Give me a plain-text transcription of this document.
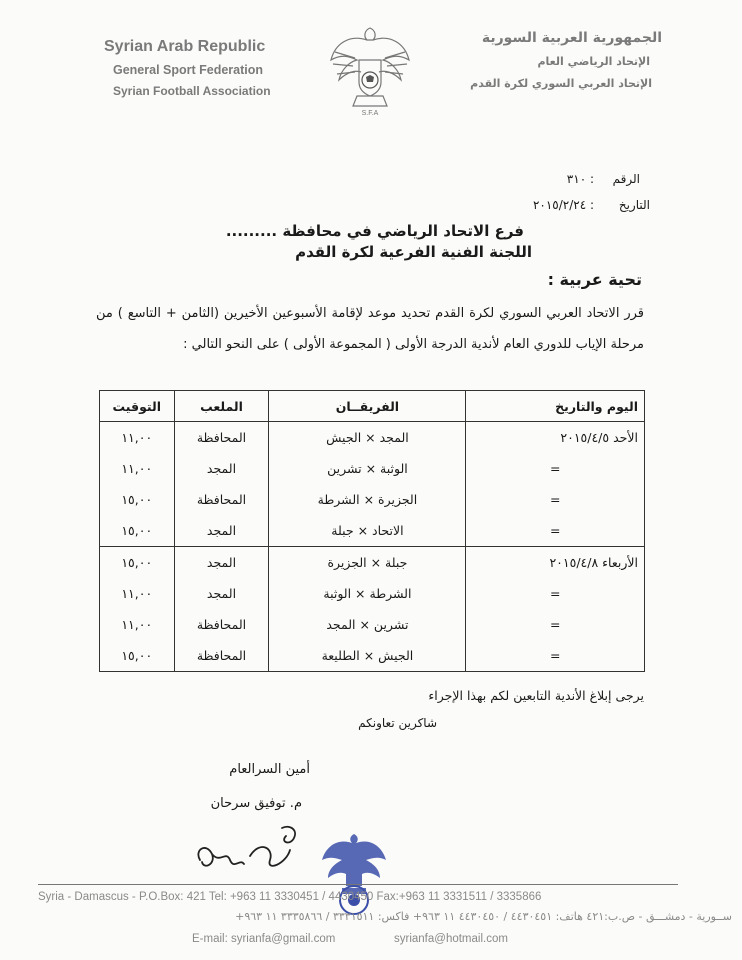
Syrian Arab Republic
General Sport Federation
Syrian Football Association
S.F.A
الجمهورية العربية السورية
الإتحاد الرياضي العام
الإتحاد العربي السوري لكرة القدم
الرقم
: ٣١٠
التاريخ
: ٢٠١٥/٢/٢٤
فرع الاتحاد الرياضي في محافظة .........
اللجنة الفنية الفرعية لكرة القدم
تحية عربية :
قرر الاتحاد العربي السوري لكرة القدم تحديد موعد لإقامة الأسبوعين الأخيرين (الثامن + التاسع ) من مرحلة الإياب للدوري العام لأندية الدرجة الأولى ( المجموعة الأولى ) على النحو التالي :
اليوم والتاريخ	الفريقــان	الملعب	التوقيت
الأحد ٢٠١٥/٤/٥	المجد × الجيش	المحافظة	١١,٠٠
=	الوثبة × تشرين	المجد	١١,٠٠
=	الجزيرة × الشرطة	المحافظة	١٥,٠٠
=	الاتحاد × جبلة	المجد	١٥,٠٠
الأربعاء ٢٠١٥/٤/٨	جبلة × الجزيرة	المجد	١٥,٠٠
=	الشرطة × الوثبة	المجد	١١,٠٠
=	تشرين × المجد	المحافظة	١١,٠٠
=	الجيش × الطليعة	المحافظة	١٥,٠٠
يرجى إبلاغ الأندية التابعين لكم بهذا الإجراء
شاكرين تعاونكم
أمين السرالعام
م. توفيق سرحان
Syria - Damascus - P.O.Box: 421 Tel: +963 11 3330451 / 4430450 Fax:+963 11 3331511 / 3335866
ســورية - دمشـــق - ص.ب:٤٢١ هاتف: ٤٤٣٠٤٥١ / ٤٤٣٠٤٥٠ ١١ ٩٦٣+ فاكس: ٣٣٣١٥١١ / ٣٣٣٥٨٦٦ ١١ ٩٦٣+
E-mail: syrianfa@gmail.com	syrianfa@hotmail.com
